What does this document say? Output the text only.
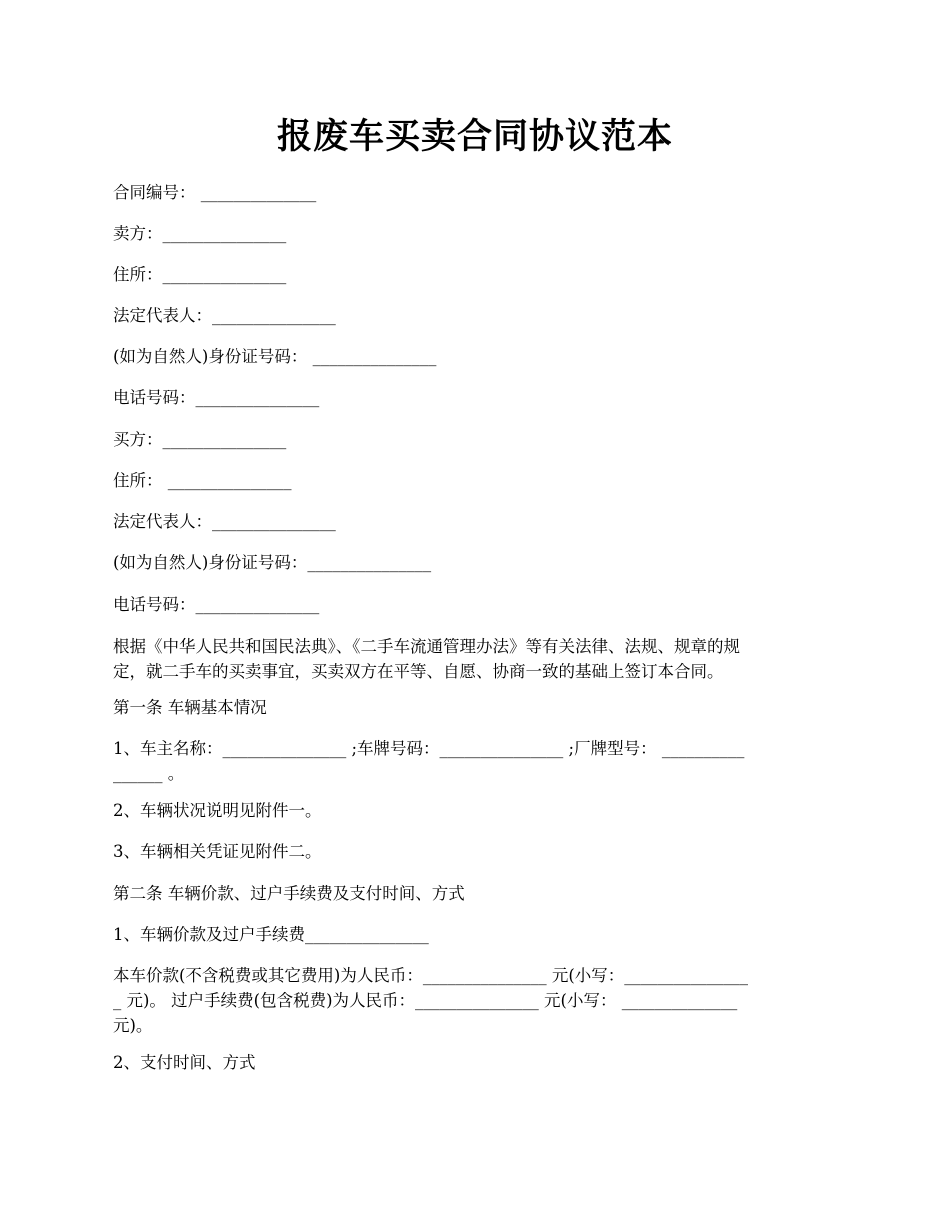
报废车买卖合同协议范本
合同编号： ______________
卖方：_______________
住所：_______________
法定代表人：_______________
(如为自然人)身份证号码： _______________
电话号码：_______________
买方：_______________
住所： _______________
法定代表人：_______________
(如为自然人)身份证号码：_______________
电话号码：_______________
根据《中华人民共和国民法典》、《二手车流通管理办法》等有关法律、法规、规章的规
定，就二手车的买卖事宜，买卖双方在平等、自愿、协商一致的基础上签订本合同。
第一条 车辆基本情况
1、车主名称：_______________ ;车牌号码：_______________ ;厂牌型号： __________
______ 。
2、车辆状况说明见附件一。
3、车辆相关凭证见附件二。
第二条 车辆价款、过户手续费及支付时间、方式
1、车辆价款及过户手续费_______________
本车价款(不含税费或其它费用)为人民币：_______________ 元(小写：_______________
_ 元)。 过户手续费(包含税费)为人民币：_______________ 元(小写： ______________
元)。
2、支付时间、方式
